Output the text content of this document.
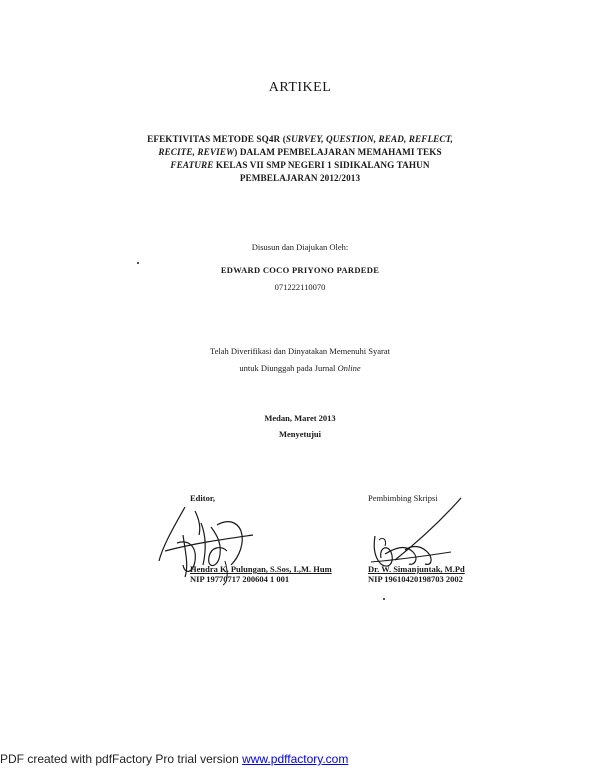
ARTIKEL
EFEKTIVITAS METODE SQ4R (SURVEY, QUESTION, READ, REFLECT,
RECITE, REVIEW) DALAM PEMBELAJARAN MEMAHAMI TEKS
FEATURE KELAS VII SMP NEGERI 1 SIDIKALANG TAHUN
PEMBELAJARAN 2012/2013
Disusun dan Diajukan Oleh:
EDWARD COCO PRIYONO PARDEDE
071222110070
Telah Diverifikasi dan Dinyatakan Memenuhi Syarat
untuk Diunggah pada Jurnal Online
Medan, Maret 2013
Menyetujui
Editor,
Hendra K. Pulungan, S.Sos, I.,M. Hum
NIP 19770717 200604 1 001
Pembimbing Skripsi
Dr. W. Simanjuntak, M.Pd
NIP 19610420198703 2002
PDF created with pdfFactory Pro trial version www.pdffactory.com
